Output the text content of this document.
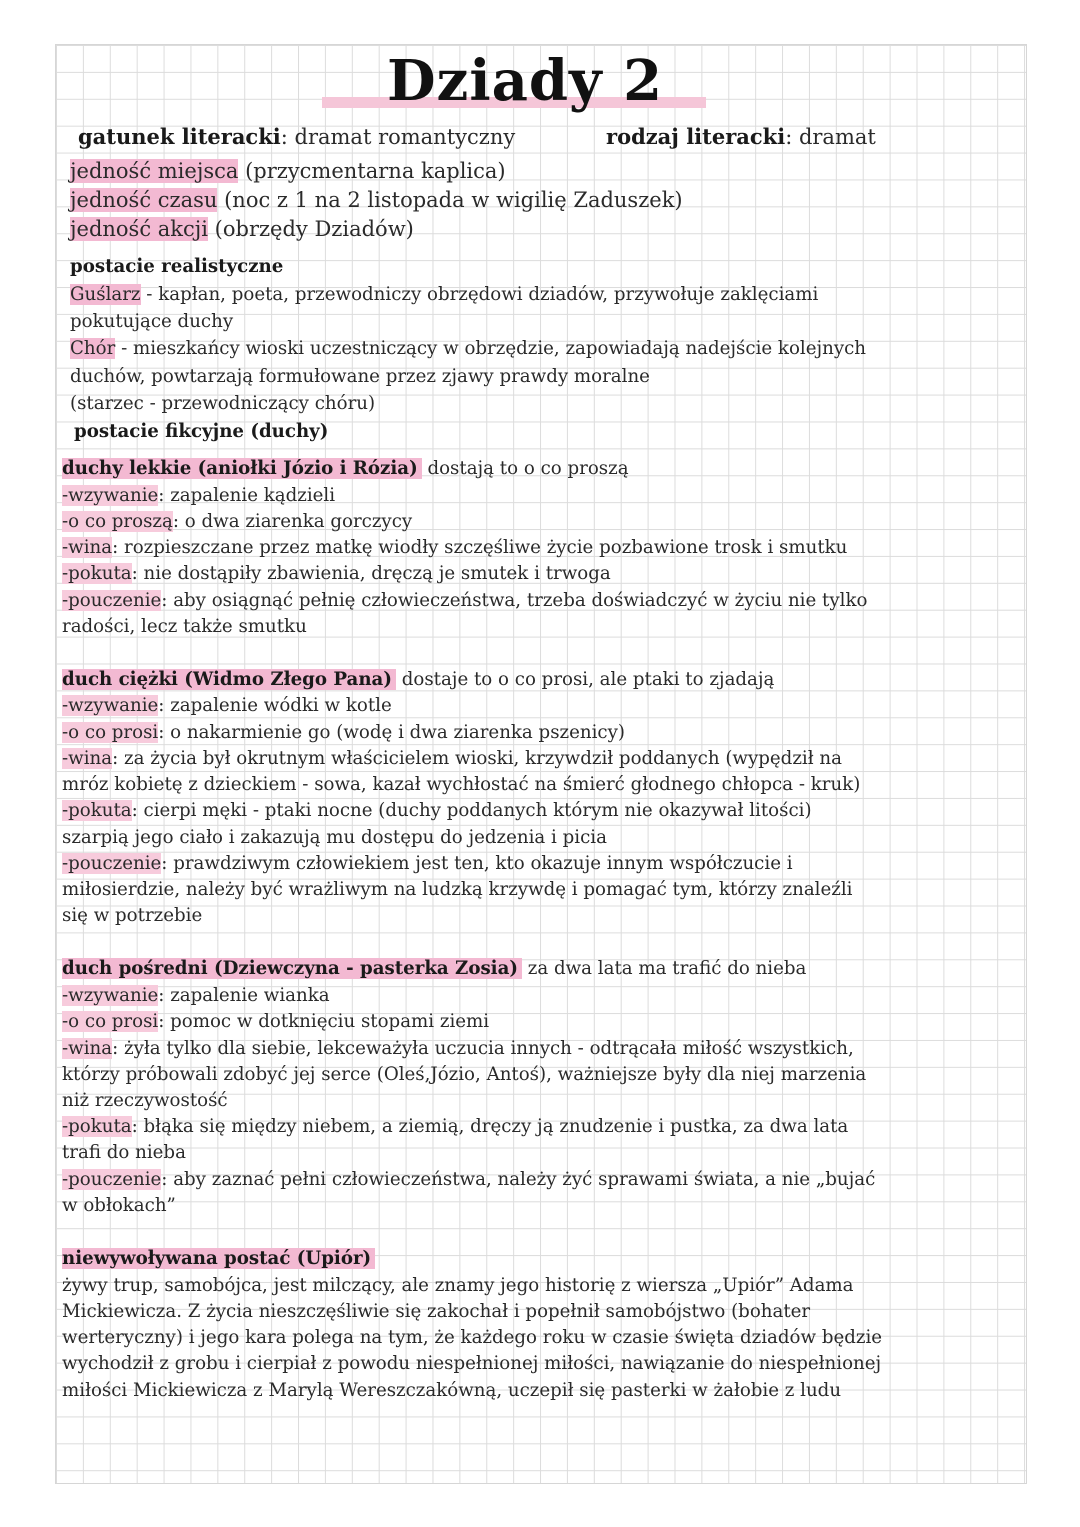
Dziady 2
gatunek literacki: dramat romantyczny	rodzaj literacki: dramat
jedność miejsca (przycmentarna kaplica)
jedność czasu (noc z 1 na 2 listopada w wigilię Zaduszek)
jedność akcji (obrzędy Dziadów)
postacie realistyczne
Guślarz - kapłan, poeta, przewodniczy obrzędowi dziadów, przywołuje zaklęciami
pokutujące duchy
Chór - mieszkańcy wioski uczestniczący w obrzędzie, zapowiadają nadejście kolejnych
duchów, powtarzają formułowane przez zjawy prawdy moralne
(starzec - przewodniczący chóru)
postacie fikcyjne (duchy)
duchy lekkie (aniołki Józio i Rózia) dostają to o co proszą
-wzywanie: zapalenie kądzieli
-o co proszą: o dwa ziarenka gorczycy
-wina: rozpieszczane przez matkę wiodły szczęśliwe życie pozbawione trosk i smutku
-pokuta: nie dostąpiły zbawienia, dręczą je smutek i trwoga
-pouczenie: aby osiągnąć pełnię człowieczeństwa, trzeba doświadczyć w życiu nie tylko
radości, lecz także smutku
duch ciężki (Widmo Złego Pana) dostaje to o co prosi, ale ptaki to zjadają
-wzywanie: zapalenie wódki w kotle
-o co prosi: o nakarmienie go (wodę i dwa ziarenka pszenicy)
-wina: za życia był okrutnym właścicielem wioski, krzywdził poddanych (wypędził na
mróz kobietę z dzieckiem - sowa, kazał wychłostać na śmierć głodnego chłopca - kruk)
-pokuta: cierpi męki - ptaki nocne (duchy poddanych którym nie okazywał litości)
szarpią jego ciało i zakazują mu dostępu do jedzenia i picia
-pouczenie: prawdziwym człowiekiem jest ten, kto okazuje innym współczucie i
miłosierdzie, należy być wrażliwym na ludzką krzywdę i pomagać tym, którzy znaleźli
się w potrzebie
duch pośredni (Dziewczyna - pasterka Zosia) za dwa lata ma trafić do nieba
-wzywanie: zapalenie wianka
-o co prosi: pomoc w dotknięciu stopami ziemi
-wina: żyła tylko dla siebie, lekceważyła uczucia innych - odtrącała miłość wszystkich,
którzy próbowali zdobyć jej serce (Oleś,Józio, Antoś), ważniejsze były dla niej marzenia
niż rzeczywostość
-pokuta: błąka się między niebem, a ziemią, dręczy ją znudzenie i pustka, za dwa lata
trafi do nieba
-pouczenie: aby zaznać pełni człowieczeństwa, należy żyć sprawami świata, a nie „bujać
w obłokach”
niewywoływana postać (Upiór)
żywy trup, samobójca, jest milczący, ale znamy jego historię z wiersza „Upiór” Adama
Mickiewicza. Z życia nieszczęśliwie się zakochał i popełnił samobójstwo (bohater
werteryczny) i jego kara polega na tym, że każdego roku w czasie święta dziadów będzie
wychodził z grobu i cierpiał z powodu niespełnionej miłości, nawiązanie do niespełnionej
miłości Mickiewicza z Marylą Wereszczakówną, uczepił się pasterki w żałobie z ludu
